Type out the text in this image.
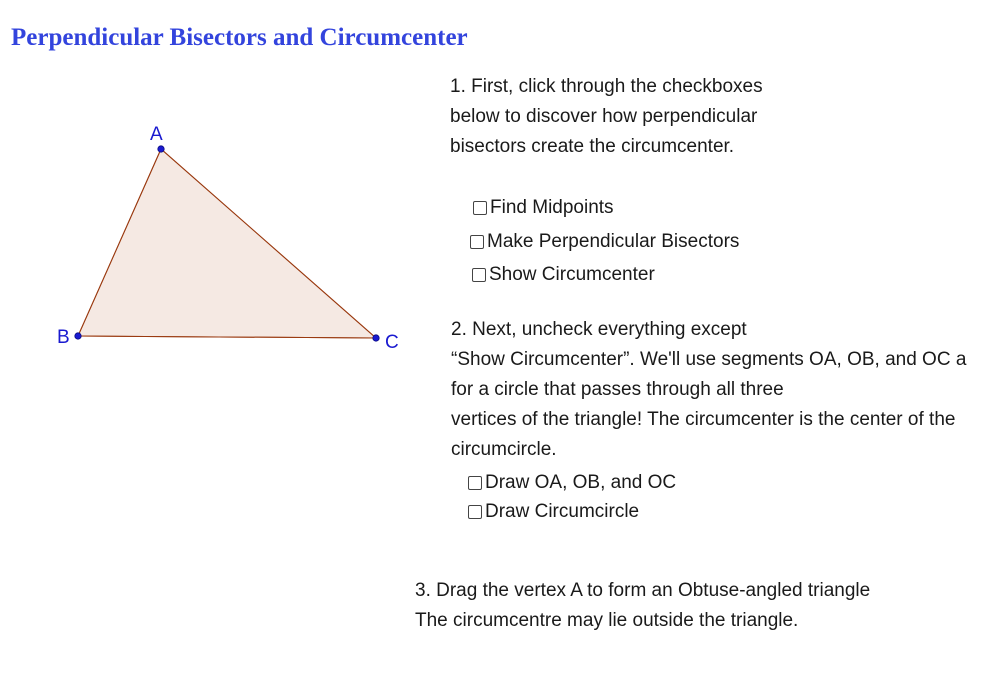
Perpendicular Bisectors and Circumcenter
A
B	C
1. First, click through the checkboxes
below to discover how perpendicular
bisectors create the circumcenter.
Find Midpoints
Make Perpendicular Bisectors
Show Circumcenter
2. Next, uncheck everything except
“Show Circumcenter”. We'll use segments OA, OB, and OC a
for a circle that passes through all three
vertices of the triangle! The circumcenter is the center of the
circumcircle.
Draw OA, OB, and OC
Draw Circumcircle
3. Drag the vertex A to form an Obtuse-angled triangle
The circumcentre may lie outside the triangle.
